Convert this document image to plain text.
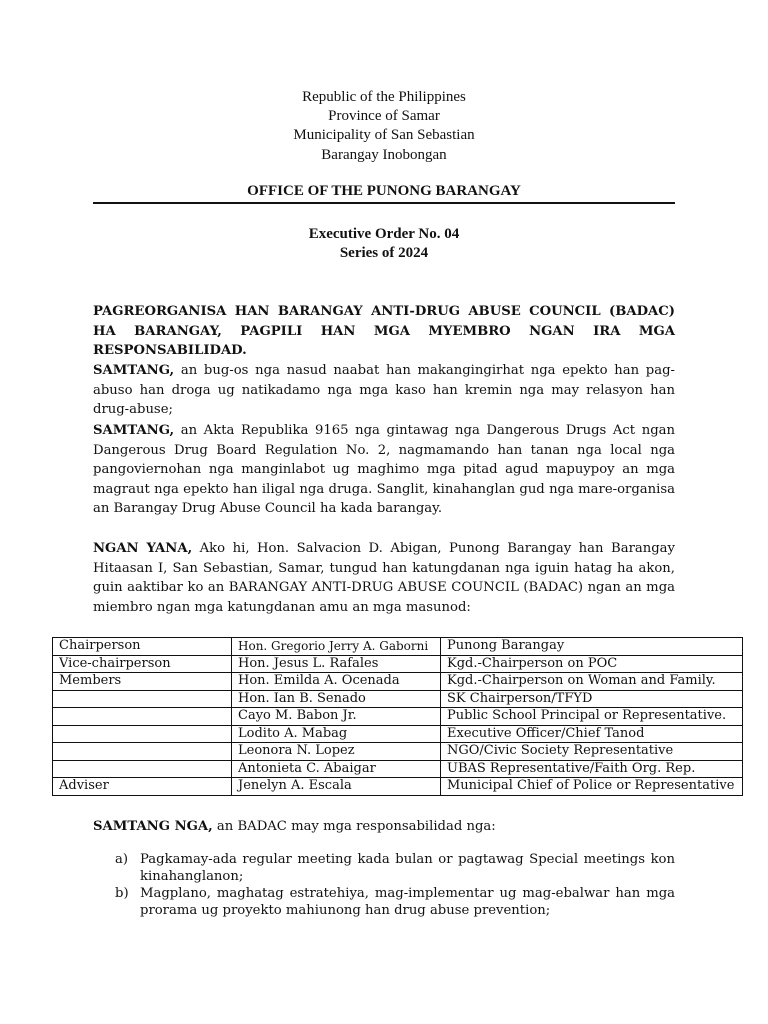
Republic of the Philippines
Province of Samar
Municipality of San Sebastian
Barangay Inobongan
OFFICE OF THE PUNONG BARANGAY
Executive Order No. 04
Series of 2024
PAGREORGANISA HAN BARANGAY ANTI-DRUG ABUSE COUNCIL (BADAC) HA BARANGAY, PAGPILI HAN MGA MYEMBRO NGAN IRA MGA RESPONSABILIDAD.
SAMTANG, an bug-os nga nasud naabat han makangingirhat nga epekto han pag-abuso han droga ug natikadamo nga mga kaso han kremin nga may relasyon han drug-abuse;
SAMTANG, an Akta Republika 9165 nga gintawag nga Dangerous Drugs Act ngan Dangerous Drug Board Regulation No. 2, nagmamando han tanan nga local nga pangoviernohan nga manginlabot ug maghimo mga pitad agud mapuypoy an mga magraut nga epekto han iligal nga druga. Sanglit, kinahanglan gud nga mare-organisa an Barangay Drug Abuse Council ha kada barangay.
NGAN YANA, Ako hi, Hon. Salvacion D. Abigan, Punong Barangay han Barangay Hitaasan I, San Sebastian, Samar, tungud han katungdanan nga iguin hatag ha akon, guin aaktibar ko an BARANGAY ANTI-DRUG ABUSE COUNCIL (BADAC) ngan an mga miembro ngan mga katungdanan amu an mga masunod:
Chairperson	Hon. Gregorio Jerry A. Gaborni	Punong Barangay
Vice-chairperson	Hon. Jesus L. Rafales	Kgd.-Chairperson on POC
Members	Hon. Emilda A. Ocenada	Kgd.-Chairperson on Woman and Family.
	Hon. Ian B. Senado	SK Chairperson/TFYD
	Cayo M. Babon Jr.	Public School Principal or Representative.
	Lodito A. Mabag	Executive Officer/Chief Tanod
	Leonora N. Lopez	NGO/Civic Society Representative
	Antonieta C. Abaigar	UBAS Representative/Faith Org. Rep.
Adviser	Jenelyn A. Escala	Municipal Chief of Police or Representative
SAMTANG NGA, an BADAC may mga responsabilidad nga:
a) Pagkamay-ada regular meeting kada bulan or pagtawag Special meetings kon kinahanglanon;
b) Magplano, maghatag estratehiya, mag-implementar ug mag-ebalwar han mga prorama ug proyekto mahiunong han drug abuse prevention;
